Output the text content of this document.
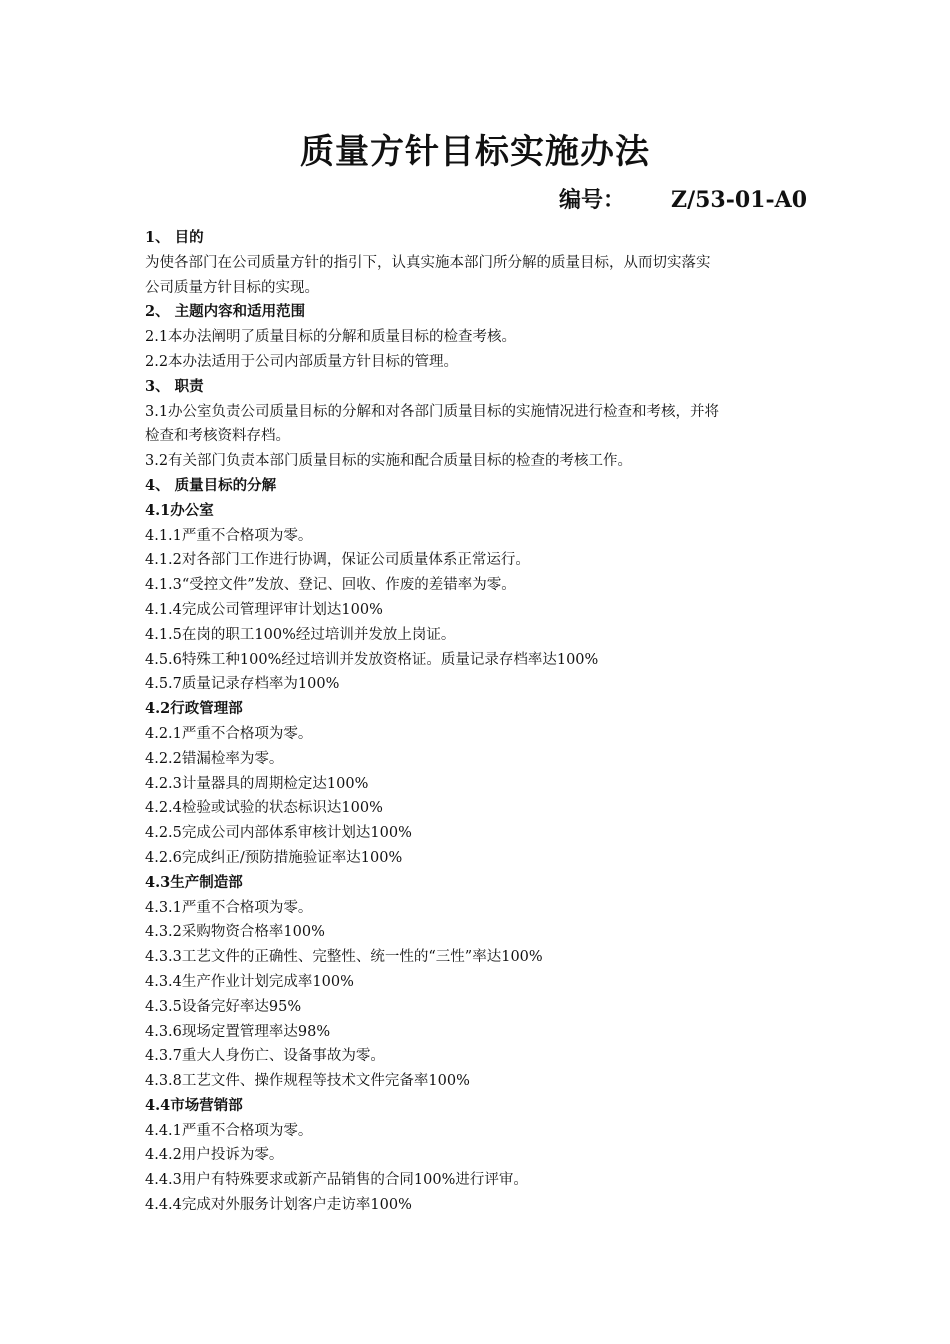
质量方针目标实施办法
编号： Z/53-01-A0
1、 目的
为使各部门在公司质量方针的指引下，认真实施本部门所分解的质量目标，从而切实落实
公司质量方针目标的实现。
2、 主题内容和适用范围
2.1本办法阐明了质量目标的分解和质量目标的检查考核。
2.2本办法适用于公司内部质量方针目标的管理。
3、 职责
3.1办公室负责公司质量目标的分解和对各部门质量目标的实施情况进行检查和考核，并将
检查和考核资料存档。
3.2有关部门负责本部门质量目标的实施和配合质量目标的检查的考核工作。
4、 质量目标的分解
4.1办公室
4.1.1严重不合格项为零。
4.1.2对各部门工作进行协调，保证公司质量体系正常运行。
4.1.3“受控文件”发放、登记、回收、作废的差错率为零。
4.1.4完成公司管理评审计划达100%
4.1.5在岗的职工100%经过培训并发放上岗证。
4.5.6特殊工种100%经过培训并发放资格证。质量记录存档率达100%
4.5.7质量记录存档率为100%
4.2行政管理部
4.2.1严重不合格项为零。
4.2.2错漏检率为零。
4.2.3计量器具的周期检定达100%
4.2.4检验或试验的状态标识达100%
4.2.5完成公司内部体系审核计划达100%
4.2.6完成纠正/预防措施验证率达100%
4.3生产制造部
4.3.1严重不合格项为零。
4.3.2采购物资合格率100%
4.3.3工艺文件的正确性、完整性、统一性的“三性”率达100%
4.3.4生产作业计划完成率100%
4.3.5设备完好率达95%
4.3.6现场定置管理率达98%
4.3.7重大人身伤亡、设备事故为零。
4.3.8工艺文件、操作规程等技术文件完备率100%
4.4市场营销部
4.4.1严重不合格项为零。
4.4.2用户投诉为零。
4.4.3用户有特殊要求或新产品销售的合同100%进行评审。
4.4.4完成对外服务计划客户走访率100%
